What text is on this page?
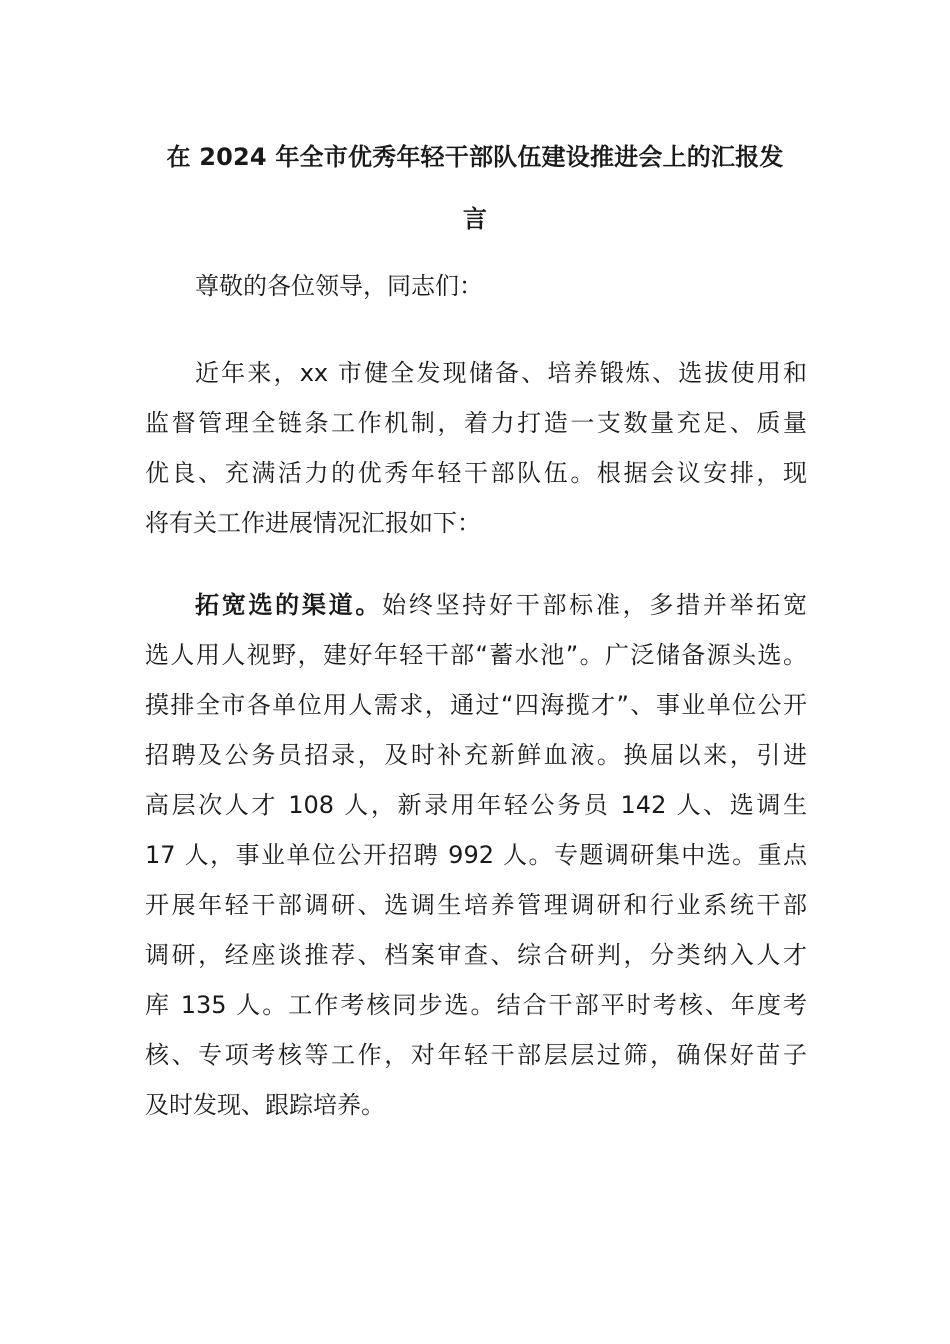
在 2024 年全市优秀年轻干部队伍建设推进会上的汇报发
言

尊敬的各位领导，同志们：

近年来，xx 市健全发现储备、培养锻炼、选拔使用和
监督管理全链条工作机制，着力打造一支数量充足、质量
优良、充满活力的优秀年轻干部队伍。根据会议安排，现
将有关工作进展情况汇报如下：

拓宽选的渠道。始终坚持好干部标准，多措并举拓宽
选人用人视野，建好年轻干部“蓄水池”。广泛储备源头选。
摸排全市各单位用人需求，通过“四海揽才”、事业单位公开
招聘及公务员招录，及时补充新鲜血液。换届以来，引进
高层次人才 108 人，新录用年轻公务员 142 人、选调生
17 人，事业单位公开招聘 992 人。专题调研集中选。重点
开展年轻干部调研、选调生培养管理调研和行业系统干部
调研，经座谈推荐、档案审查、综合研判，分类纳入人才
库 135 人。工作考核同步选。结合干部平时考核、年度考
核、专项考核等工作，对年轻干部层层过筛，确保好苗子
及时发现、跟踪培养。
